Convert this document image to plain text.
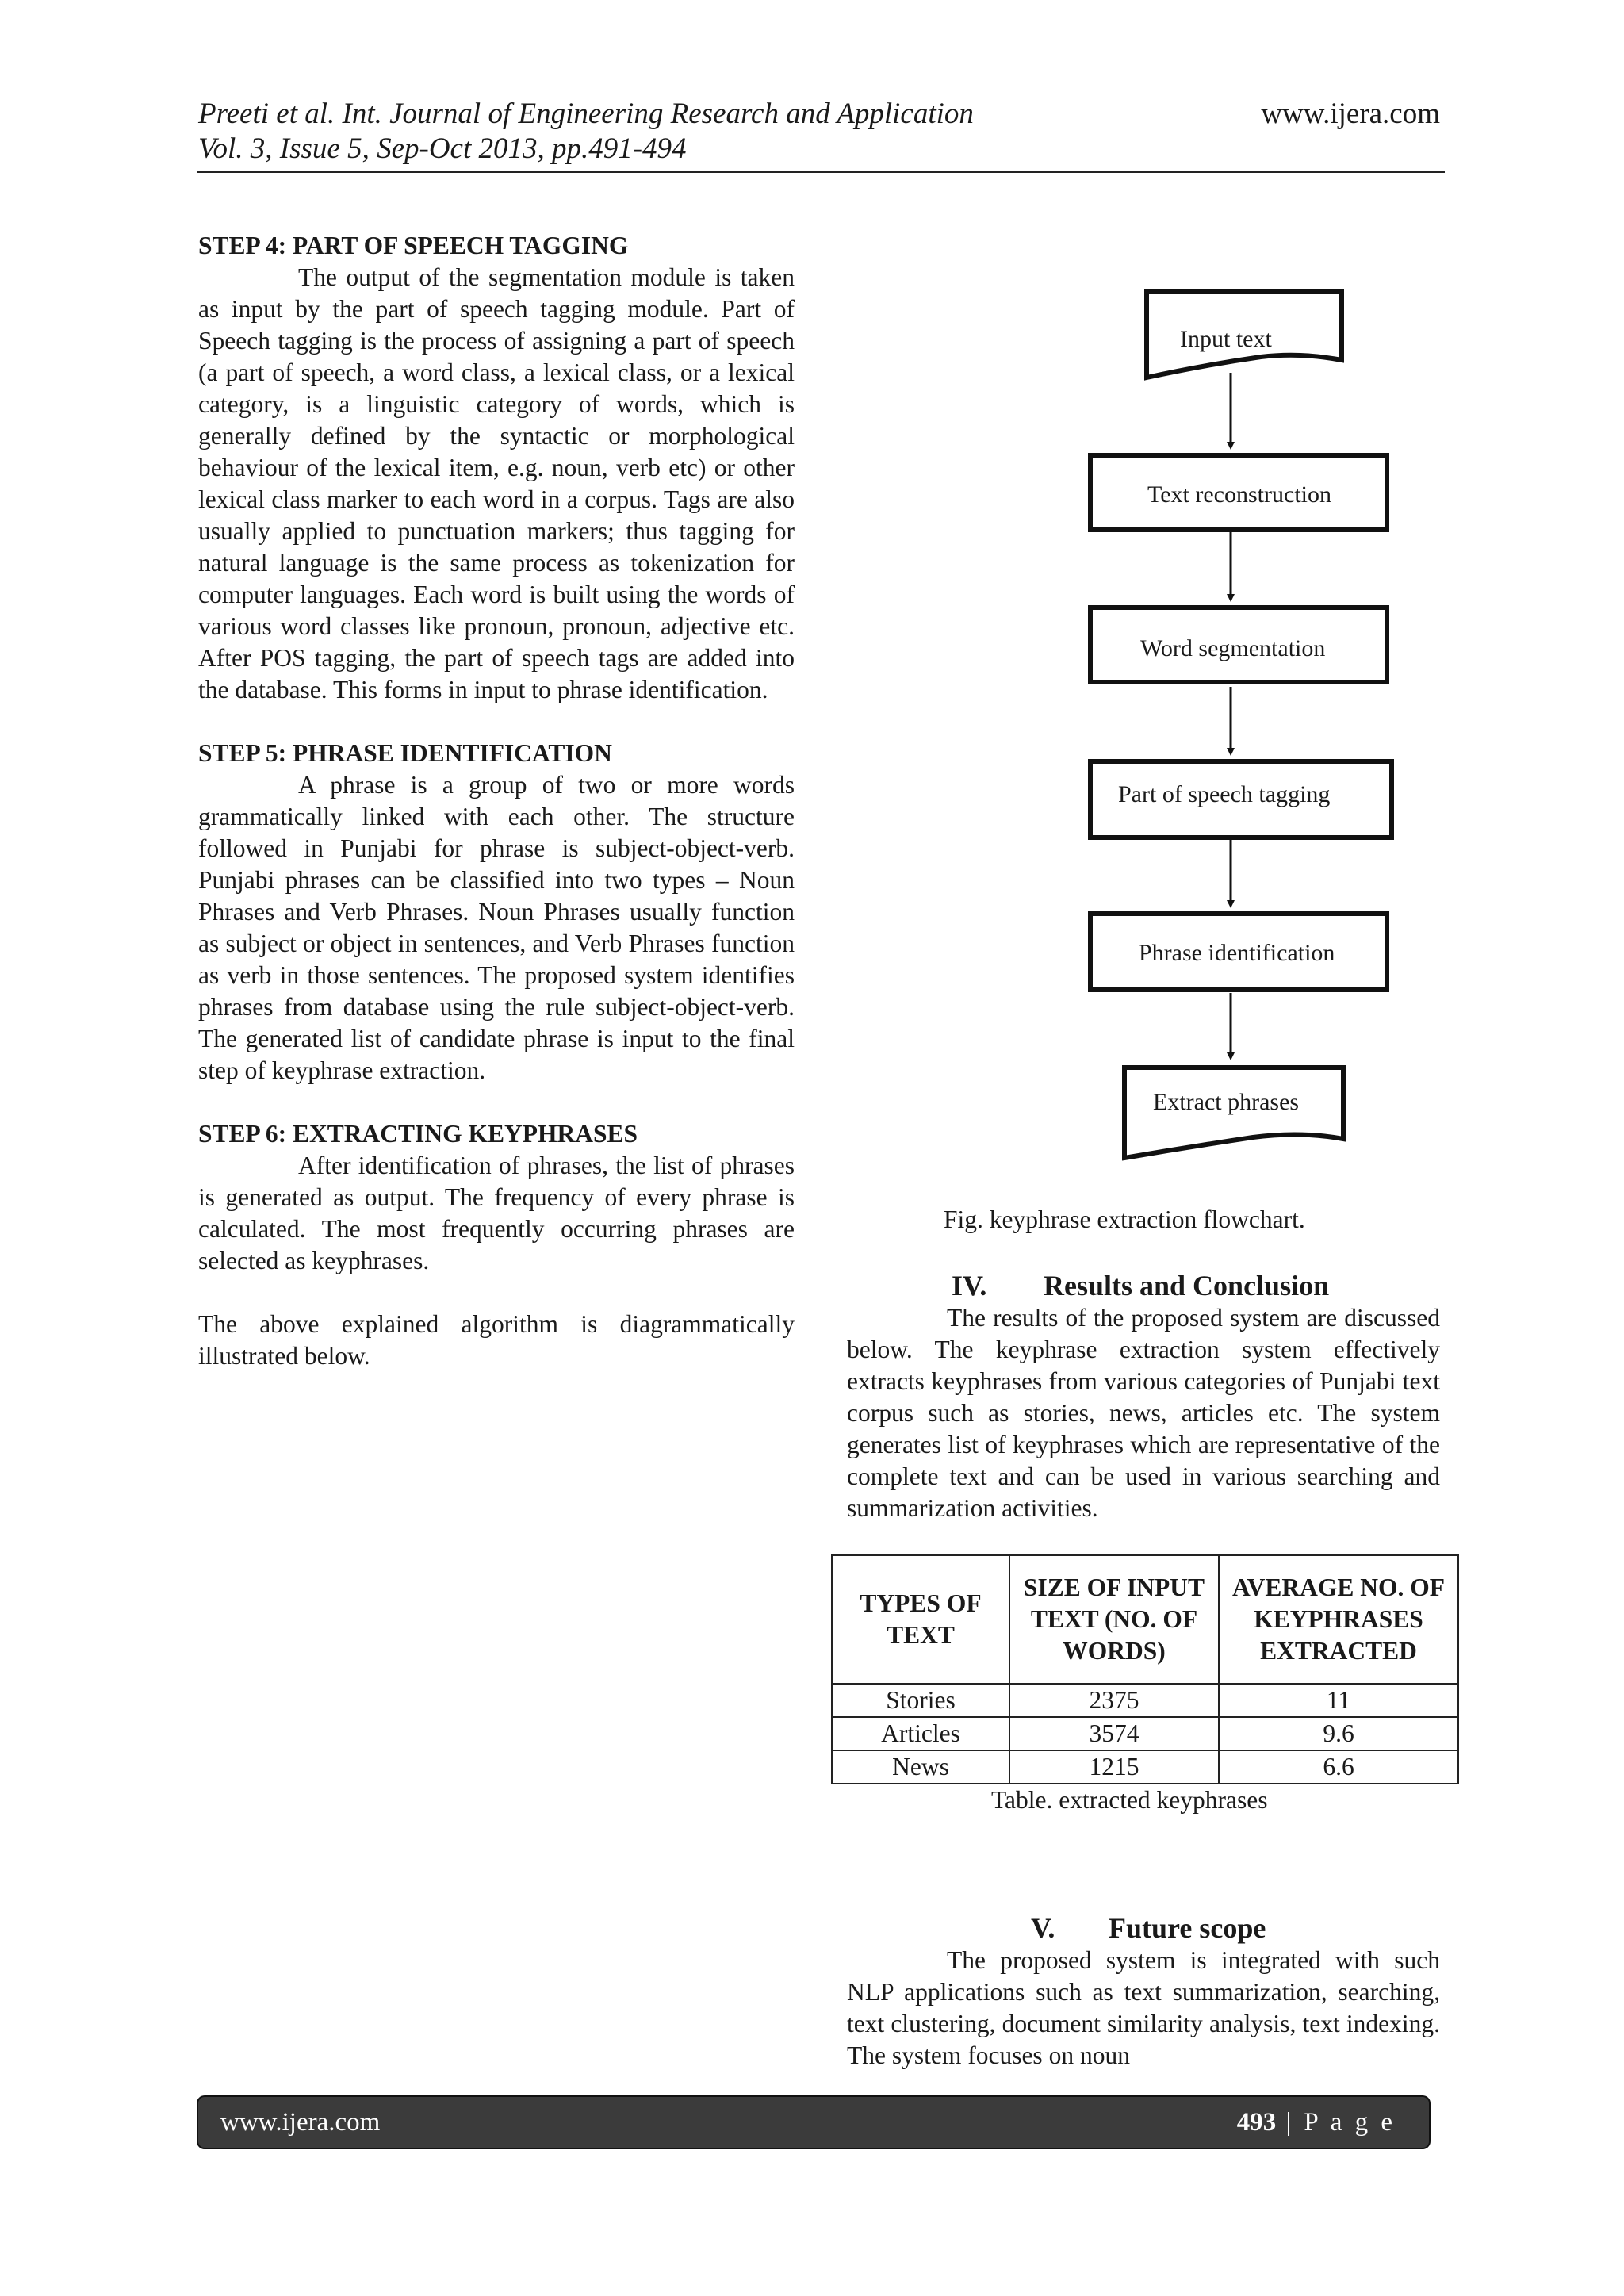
Preeti et al. Int. Journal of Engineering Research and Application
Vol. 3, Issue 5, Sep-Oct 2013, pp.491-494
www.ijera.com
STEP 4: PART OF SPEECH TAGGING

The output of the segmentation module is taken as input by the part of speech tagging module. Part of Speech tagging is the process of assigning a part of speech (a part of speech, a word class, a lexical class, or a lexical category, is a linguistic category of words, which is generally defined by the syntactic or morphological behaviour of the lexical item, e.g. noun, verb etc) or other lexical class marker to each word in a corpus. Tags are also usually applied to punctuation markers; thus tagging for natural language is the same process as tokenization for computer languages. Each word is built using the words of various word classes like pronoun, pronoun, adjective etc. After POS tagging, the part of speech tags are added into the database. This forms in input to phrase identification.

STEP 5: PHRASE IDENTIFICATION

A phrase is a group of two or more words grammatically linked with each other. The structure followed in Punjabi for phrase is subject-object-verb. Punjabi phrases can be classified into two types – Noun Phrases and Verb Phrases. Noun Phrases usually function as subject or object in sentences, and Verb Phrases function as verb in those sentences. The proposed system identifies phrases from database using the rule subject-object-verb. The generated list of candidate phrase is input to the final step of keyphrase extraction.

STEP 6: EXTRACTING KEYPHRASES

After identification of phrases, the list of phrases is generated as output. The frequency of every phrase is calculated. The most frequently occurring phrases are selected as keyphrases.

The above explained algorithm is diagrammatically illustrated below.

Input text
Text reconstruction
Word segmentation
Part of speech tagging
Phrase identification
Extract phrases
Fig. keyphrase extraction flowchart.
IV. Results and Conclusion

The results of the proposed system are discussed below. The keyphrase extraction system effectively extracts keyphrases from various categories of Punjabi text corpus such as stories, news, articles etc. The system generates list of keyphrases which are representative of the complete text and can be used in various searching and summarization activities.

TYPES OF TEXT	SIZE OF INPUT TEXT (NO. OF WORDS)	AVERAGE NO. OF KEYPHRASES EXTRACTED
Stories	2375	11
Articles	3574	9.6
News	1215	6.6
Table. extracted keyphrases
V. Future scope

The proposed system is integrated with such NLP applications such as text summarization, searching, text clustering, document similarity analysis, text indexing. The system focuses on noun

www.ijera.com	493 | P a g e
